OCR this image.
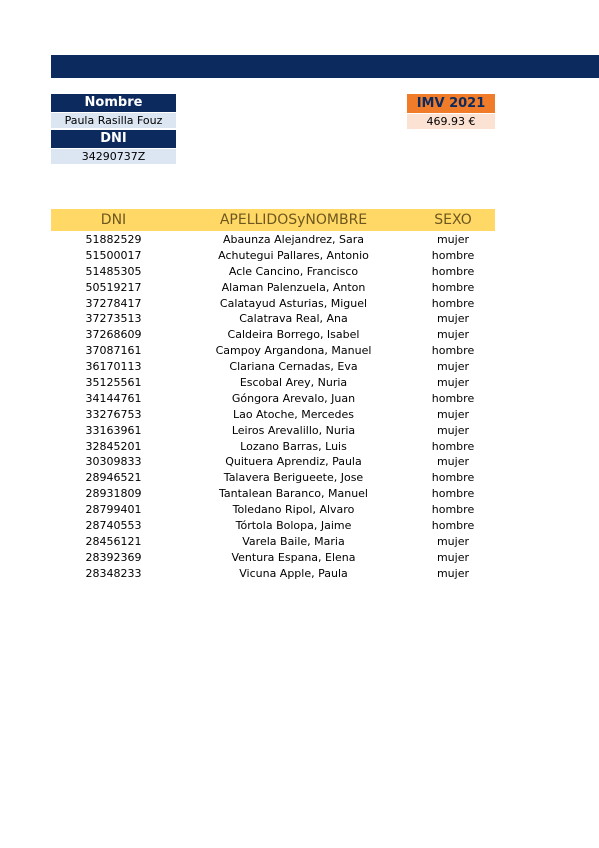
Nombre
Paula Rasilla Fouz
DNI
34290737Z
IMV 2021
469.93 €
DNI	APELLIDOSyNOMBRE	SEXO
51882529	Abaunza Alejandrez, Sara	mujer
51500017	Achutegui Pallares, Antonio	hombre
51485305	Acle Cancino, Francisco	hombre
50519217	Alaman Palenzuela, Anton	hombre
37278417	Calatayud Asturias, Miguel	hombre
37273513	Calatrava Real, Ana	mujer
37268609	Caldeira Borrego, Isabel	mujer
37087161	Campoy Argandona, Manuel	hombre
36170113	Clariana Cernadas, Eva	mujer
35125561	Escobal Arey, Nuria	mujer
34144761	Góngora Arevalo, Juan	hombre
33276753	Lao Atoche, Mercedes	mujer
33163961	Leiros Arevalillo, Nuria	mujer
32845201	Lozano Barras, Luis	hombre
30309833	Quituera Aprendiz, Paula	mujer
28946521	Talavera Berigueete, Jose	hombre
28931809	Tantalean Baranco, Manuel	hombre
28799401	Toledano Ripol, Alvaro	hombre
28740553	Tórtola Bolopa, Jaime	hombre
28456121	Varela Baile, Maria	mujer
28392369	Ventura Espana, Elena	mujer
28348233	Vicuna Apple, Paula	mujer
